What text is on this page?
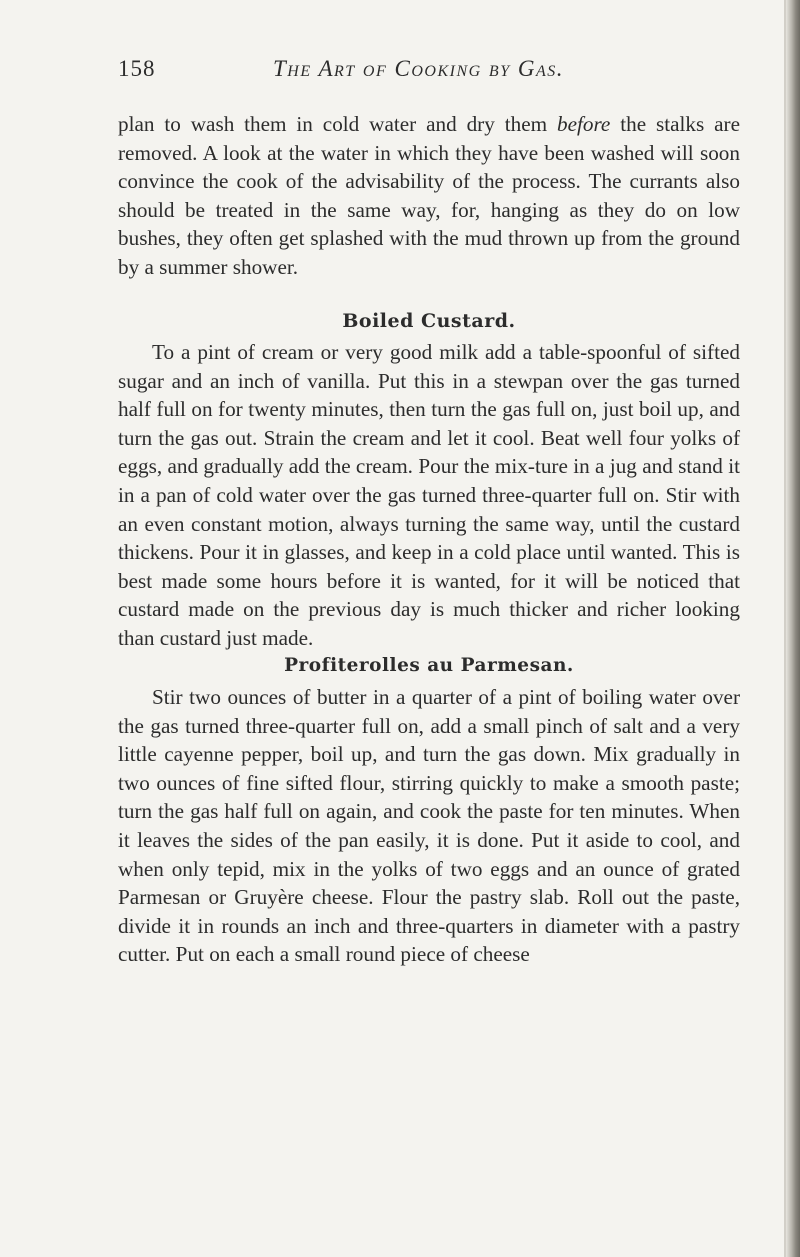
158	The Art of Cooking by Gas.

plan to wash them in cold water and dry them before the stalks are removed. A look at the water in which they have been washed will soon convince the cook of the advisability of the process. The currants also should be treated in the same way, for, hanging as they do on low bushes, they often get splashed with the mud thrown up from the ground by a summer shower.

Boiled Custard.

To a pint of cream or very good milk add a table-spoonful of sifted sugar and an inch of vanilla. Put this in a stewpan over the gas turned half full on for twenty minutes, then turn the gas full on, just boil up, and turn the gas out. Strain the cream and let it cool. Beat well four yolks of eggs, and gradually add the cream. Pour the mix-ture in a jug and stand it in a pan of cold water over the gas turned three-quarter full on. Stir with an even constant motion, always turning the same way, until the custard thickens. Pour it in glasses, and keep in a cold place until wanted. This is best made some hours before it is wanted, for it will be noticed that custard made on the previous day is much thicker and richer looking than custard just made.

Profiterolles au Parmesan.

Stir two ounces of butter in a quarter of a pint of boiling water over the gas turned three-quarter full on, add a small pinch of salt and a very little cayenne pepper, boil up, and turn the gas down. Mix gradually in two ounces of fine sifted flour, stirring quickly to make a smooth paste; turn the gas half full on again, and cook the paste for ten minutes. When it leaves the sides of the pan easily, it is done. Put it aside to cool, and when only tepid, mix in the yolks of two eggs and an ounce of grated Parmesan or Gruyère cheese. Flour the pastry slab. Roll out the paste, divide it in rounds an inch and three-quarters in diameter with a pastry cutter. Put on each a small round piece of cheese
